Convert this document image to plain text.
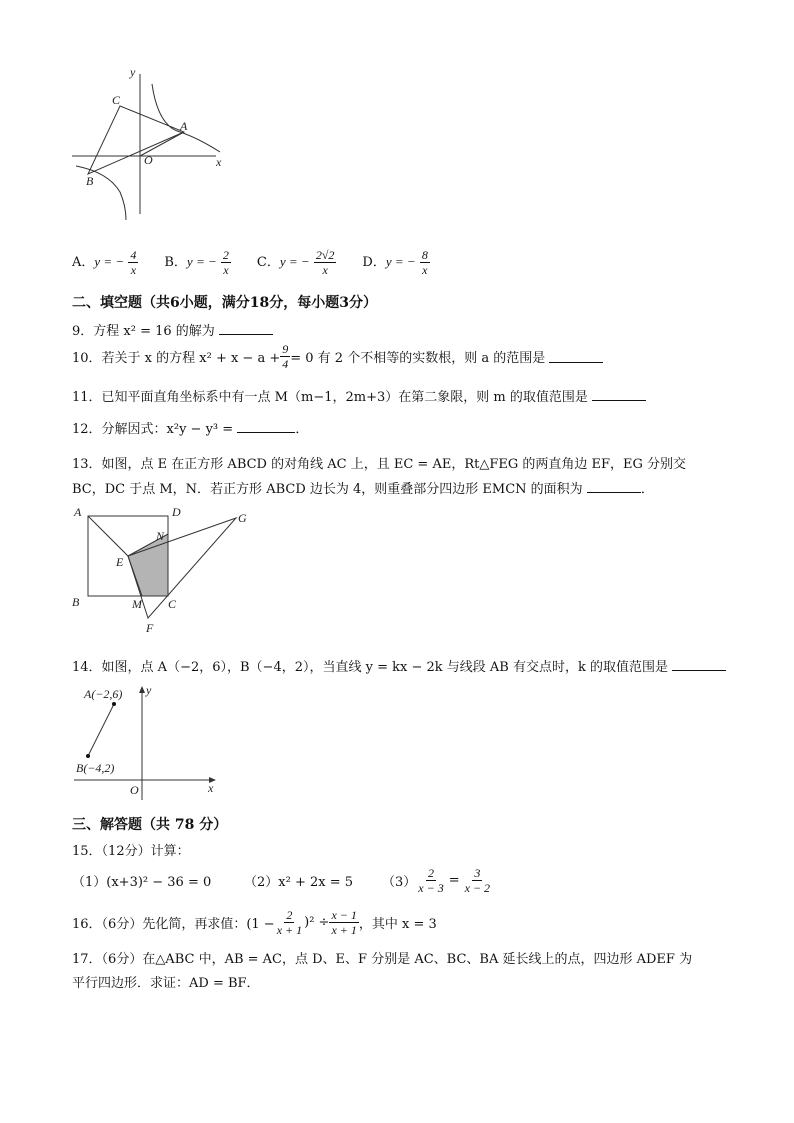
y
x
O
A
B
C
A．y = − $\frac{4}{x}$ B．y = − $\frac{2}{x}$ C．y = − $\frac{2√2}{x}$ D．y = − $\frac{8}{x}$
二、填空题（共6小题，满分18分，每小题3分）
9．方程 x² = 16 的解为
10．若关于 x 的方程 $x^2 + x - a + \frac{9}{4} = 0$ 有 2 个不相等的实数根，则 a 的范围是

11．已知平面直角坐标系中有一点 M（m−1，2m+3）在第二象限，则 m 的取值范围是
12．分解因式：x²y − y³ =	．
13．如图，点 E 在正方形 ABCD 的对角线 AC 上，且 EC = AE，Rt△FEG 的两直角边 EF，EG 分别交
BC，DC 于点 M，N．若正方形 ABCD 边长为 4，则重叠部分四边形 EMCN 的面积为	．
A	D
B	C
E
N
M
F
G
14．如图，点 A（−2，6），B（−4，2），当直线 y = kx − 2k 与线段 AB 有交点时，k 的取值范围是
A(−2,6)
B(−4,2)
O	x
y
三、解答题（共 78 分）
15．（12分）计算：
（1）(x+3)² − 36 = 0	（2）x² + 2x = 5	$(3) \frac{2}{x - 3} = \frac{3}{x - 2}$
16．（6分）先化简，再求值：$(1 - \frac{2}{x + 1} )^2 \div \frac{x - 1}{x + 1}$ ，其中 x = 3
17．（6分）在△ABC 中，AB = AC，点 D、E、F 分别是 AC、BC、BA 延长线上的点，四边形 ADEF 为
平行四边形．求证：AD = BF．
